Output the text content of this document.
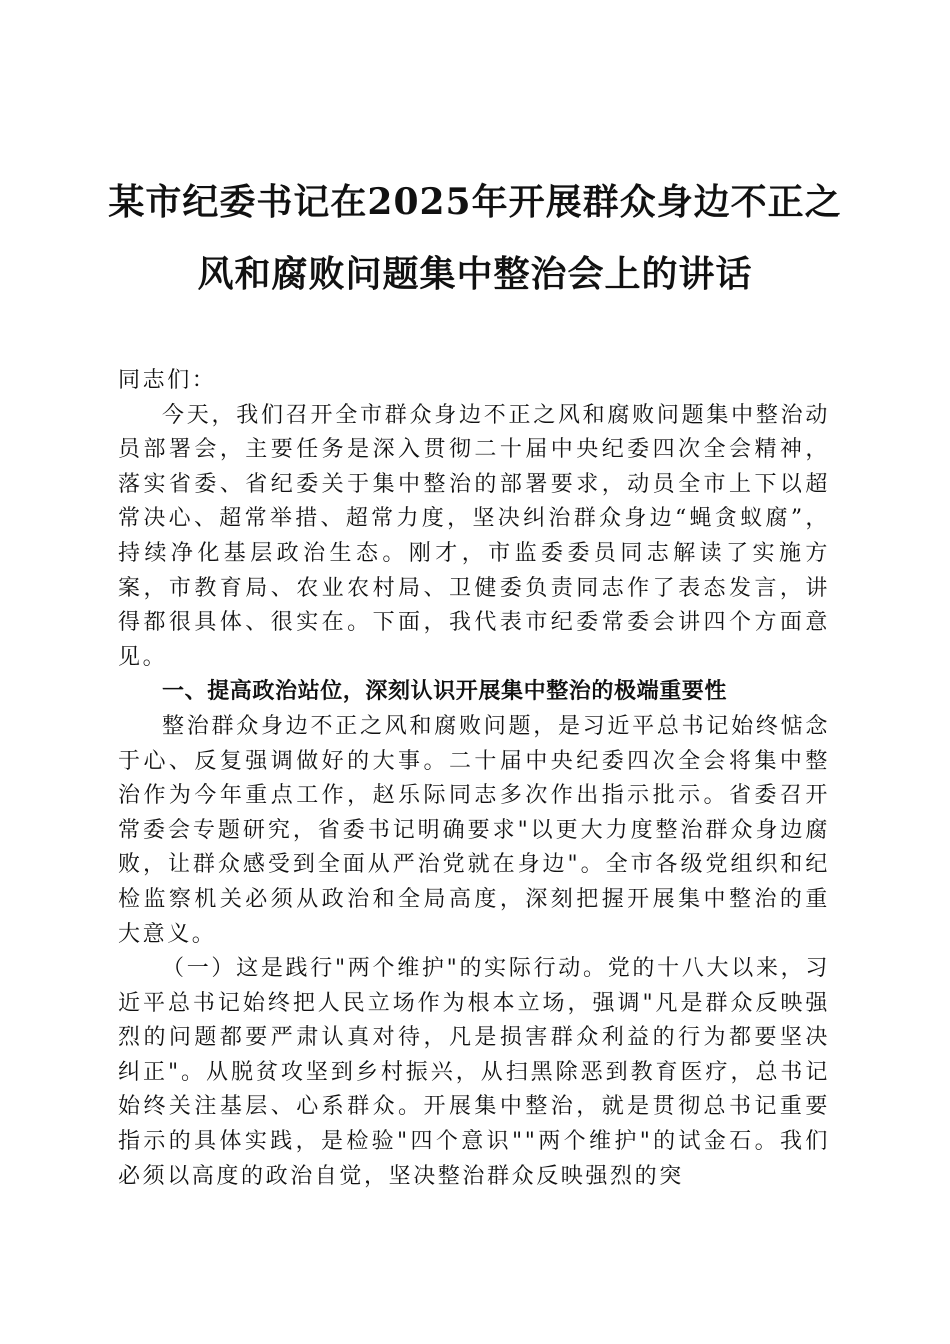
某市纪委书记在2025年开展群众身边不正之
风和腐败问题集中整治会上的讲话

同志们：

今天，我们召开全市群众身边不正之风和腐败问题集中整治动员部署会，主要任务是深入贯彻二十届中央纪委四次全会精神，落实省委、省纪委关于集中整治的部署要求，动员全市上下以超常决心、超常举措、超常力度，坚决纠治群众身边“蝇贪蚁腐”，持续净化基层政治生态。刚才，市监委委员同志解读了实施方案，市教育局、农业农村局、卫健委负责同志作了表态发言，讲得都很具体、很实在。下面，我代表市纪委常委会讲四个方面意见。

一、提高政治站位，深刻认识开展集中整治的极端重要性

整治群众身边不正之风和腐败问题，是习近平总书记始终惦念于心、反复强调做好的大事。二十届中央纪委四次全会将集中整治作为今年重点工作，赵乐际同志多次作出指示批示。省委召开常委会专题研究，省委书记明确要求"以更大力度整治群众身边腐败，让群众感受到全面从严治党就在身边"。全市各级党组织和纪检监察机关必须从政治和全局高度，深刻把握开展集中整治的重大意义。

（一）这是践行"两个维护"的实际行动。党的十八大以来，习近平总书记始终把人民立场作为根本立场，强调"凡是群众反映强烈的问题都要严肃认真对待，凡是损害群众利益的行为都要坚决纠正"。从脱贫攻坚到乡村振兴，从扫黑除恶到教育医疗，总书记始终关注基层、心系群众。开展集中整治，就是贯彻总书记重要指示的具体实践，是检验"四个意识""两个维护"的试金石。我们必须以高度的政治自觉，坚决整治群众反映强烈的突
